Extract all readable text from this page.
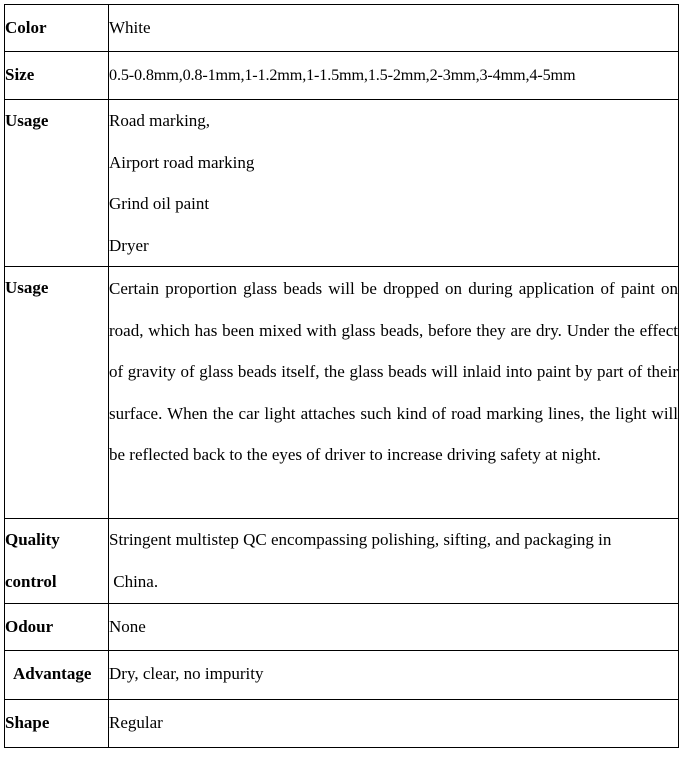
Color	White
Size	0.5-0.8mm,0.8-1mm,1-1.2mm,1-1.5mm,1.5-2mm,2-3mm,3-4mm,4-5mm
Usage	Road marking,
Airport road marking
Grind oil paint
Dryer

Usage	Certain proportion glass beads will be dropped on during application of paint on road, which has been mixed with glass beads, before they are dry. Under the effect of gravity of glass beads itself, the glass beads will inlaid into paint by part of their surface. When the car light attaches such kind of road marking lines, the light will be reflected back to the eyes of driver to increase driving safety at night.

Quality
control	Stringent multistep QC encompassing polishing, sifting, and packaging in
China.

Odour	None
Advantage	Dry, clear, no impurity
Shape	Regular
